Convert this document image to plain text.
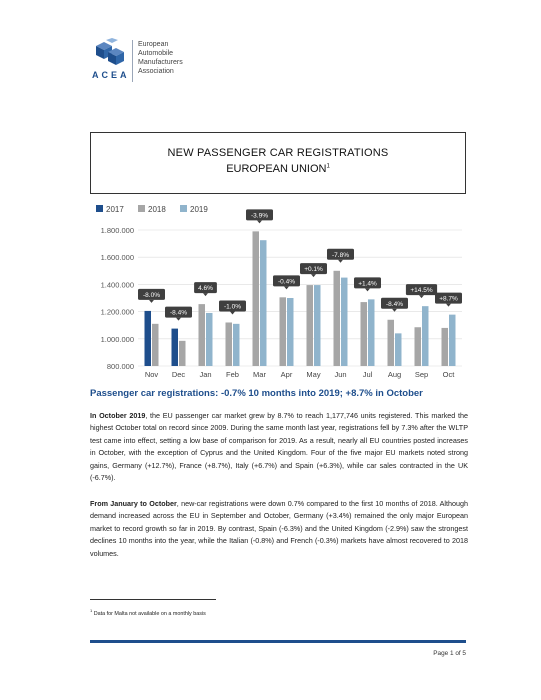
ACEA
European
Automobile
Manufacturers
Association
NEW PASSENGER CAR REGISTRATIONS
EUROPEAN UNION$^1$
2017	2018	2019
800.000
1.000.000
1.200.000
1.400.000
1.600.000
1.800.000
Nov
-8.0%
Dec
-8.4%
Jan
4.6%
Feb
-1.0%
Mar
-3.9%
Apr
-0.4%
May
+0.1%
Jun
-7.8%
Jul
+1.4%
Aug
-8.4%
Sep
+14.5%
Oct
+8.7%
Passenger car registrations: -0.7% 10 months into 2019; +8.7% in October
In October 2019, the EU passenger car market grew by 8.7% to reach 1,177,746 units registered. This marked the highest October total on record since 2009. During the same month last year, registrations fell by 7.3% after the WLTP test came into effect, setting a low base of comparison for 2019. As a result, nearly all EU countries posted increases in October, with the exception of Cyprus and the United Kingdom. Four of the five major EU markets noted strong gains, Germany (+12.7%), France (+8.7%), Italy (+6.7%) and Spain (+6.3%), while car sales contracted in the UK (-6.7%).
From January to October, new-car registrations were down 0.7% compared to the first 10 months of 2018. Although demand increased across the EU in September and October, Germany (+3.4%) remained the only major European market to record growth so far in 2019. By contrast, Spain (-6.3%) and the United Kingdom (-2.9%) saw the strongest declines 10 months into the year, while the Italian (-0.8%) and French (-0.3%) markets have almost recovered to 2018 volumes.
$^1$ Data for Malta not available on a monthly basis
Page 1 of 5
